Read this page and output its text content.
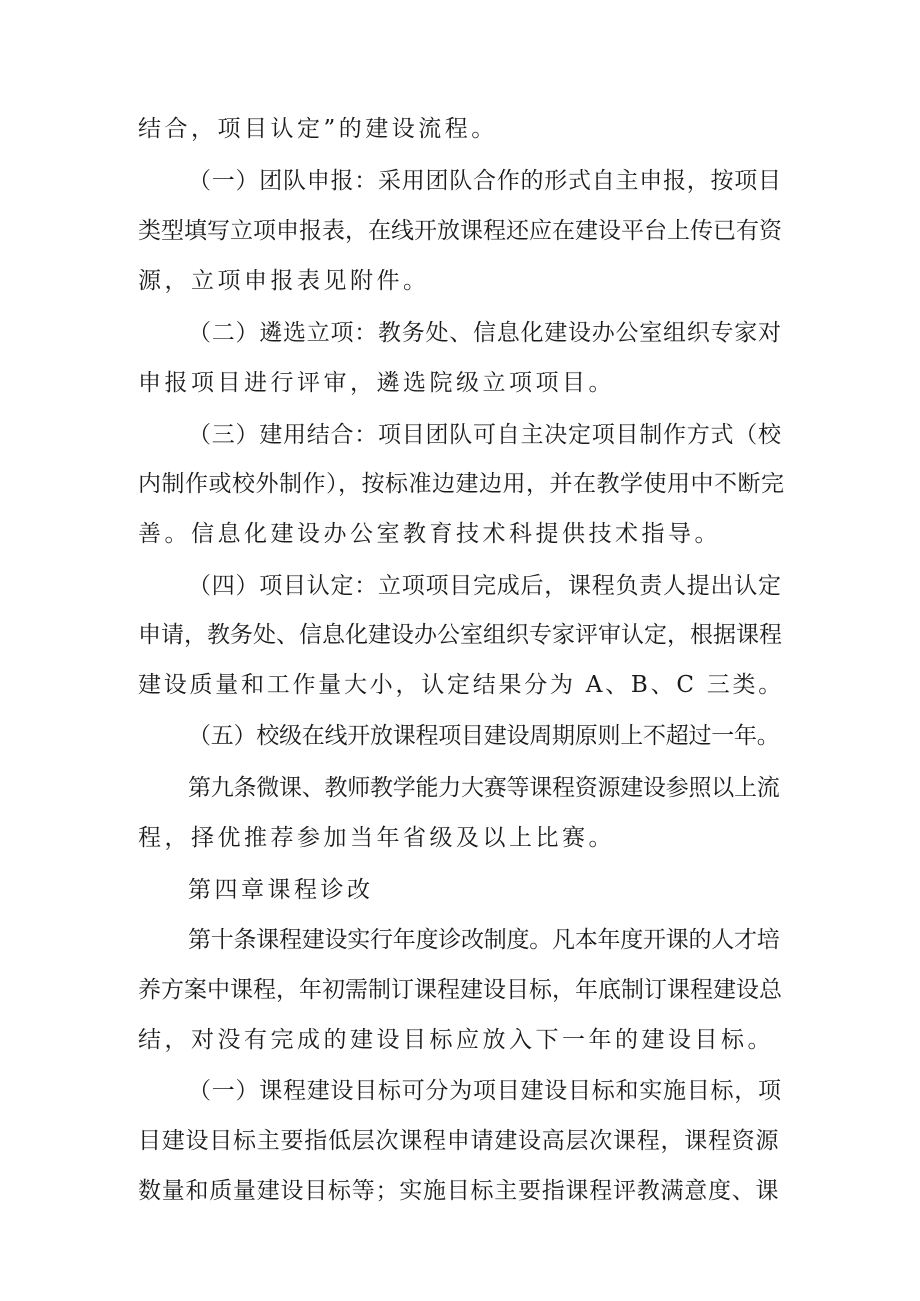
结合，项目认定”的建设流程。
（一）团队申报：采用团队合作的形式自主申报，按项目
类型填写立项申报表，在线开放课程还应在建设平台上传已有资
源，立项申报表见附件。
（二）遴选立项：教务处、信息化建设办公室组织专家对
申报项目进行评审，遴选院级立项项目。
（三）建用结合：项目团队可自主决定项目制作方式（校
内制作或校外制作），按标准边建边用，并在教学使用中不断完
善。信息化建设办公室教育技术科提供技术指导。
（四）项目认定：立项项目完成后，课程负责人提出认定
申请，教务处、信息化建设办公室组织专家评审认定，根据课程
建设质量和工作量大小，认定结果分为 A、B、C 三类。
（五）校级在线开放课程项目建设周期原则上不超过一年。
第九条微课、教师教学能力大赛等课程资源建设参照以上流
程，择优推荐参加当年省级及以上比赛。
第四章课程诊改
第十条课程建设实行年度诊改制度。凡本年度开课的人才培
养方案中课程，年初需制订课程建设目标，年底制订课程建设总
结，对没有完成的建设目标应放入下一年的建设目标。
（一）课程建设目标可分为项目建设目标和实施目标，项
目建设目标主要指低层次课程申请建设高层次课程，课程资源
数量和质量建设目标等；实施目标主要指课程评教满意度、课
